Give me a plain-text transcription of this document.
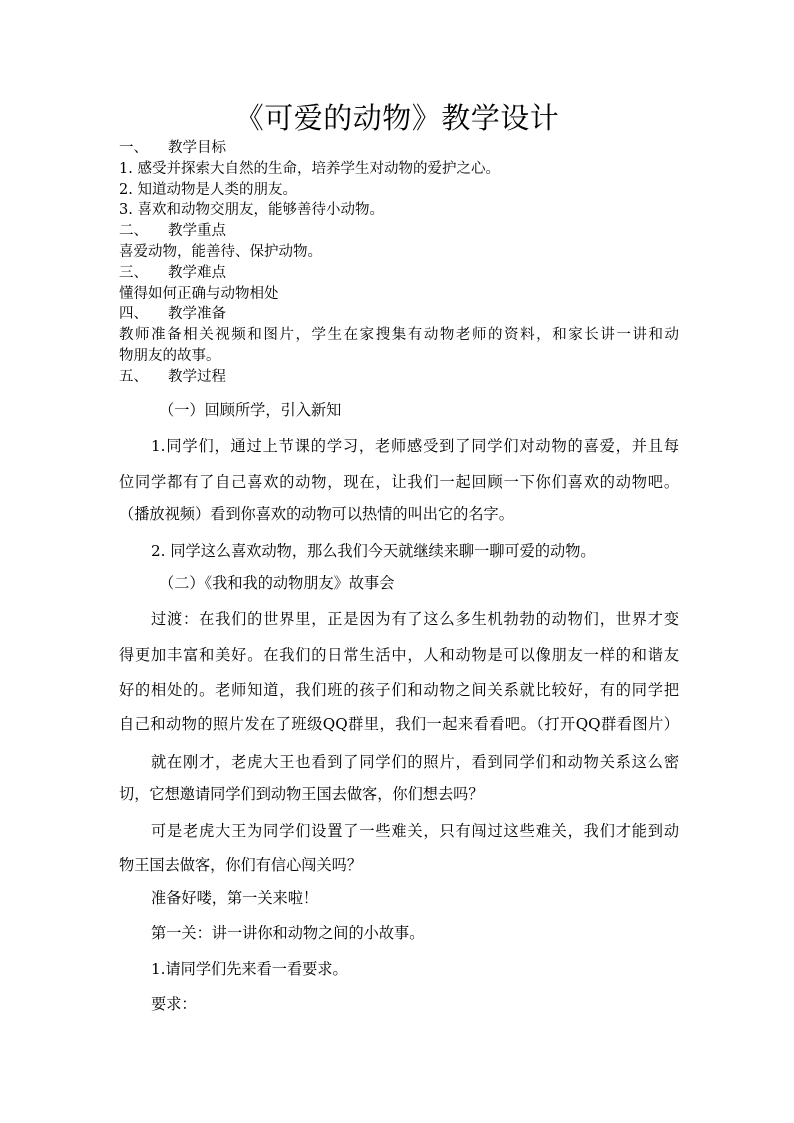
《可爱的动物》教学设计
一、 教学目标
1. 感受并探索大自然的生命，培养学生对动物的爱护之心。
2. 知道动物是人类的朋友。
3. 喜欢和动物交朋友，能够善待小动物。
二、 教学重点
喜爱动物，能善待、保护动物。
三、 教学难点
懂得如何正确与动物相处
四、 教学准备
教师准备相关视频和图片，学生在家搜集有动物老师的资料，和家长讲一讲和动
物朋友的故事。
五、 教学过程
（一）回顾所学，引入新知
1.同学们，通过上节课的学习，老师感受到了同学们对动物的喜爱，并且每
位同学都有了自己喜欢的动物，现在，让我们一起回顾一下你们喜欢的动物吧。
（播放视频）看到你喜欢的动物可以热情的叫出它的名字。
2. 同学这么喜欢动物，那么我们今天就继续来聊一聊可爱的动物。
（二）《我和我的动物朋友》故事会
过渡：在我们的世界里，正是因为有了这么多生机勃勃的动物们，世界才变
得更加丰富和美好。在我们的日常生活中，人和动物是可以像朋友一样的和谐友
好的相处的。老师知道，我们班的孩子们和动物之间关系就比较好，有的同学把
自己和动物的照片发在了班级QQ群里，我们一起来看看吧。（打开QQ群看图片）
就在刚才，老虎大王也看到了同学们的照片，看到同学们和动物关系这么密
切，它想邀请同学们到动物王国去做客，你们想去吗？
可是老虎大王为同学们设置了一些难关，只有闯过这些难关，我们才能到动
物王国去做客，你们有信心闯关吗？
准备好喽，第一关来啦！
第一关：讲一讲你和动物之间的小故事。
1.请同学们先来看一看要求。
要求：
